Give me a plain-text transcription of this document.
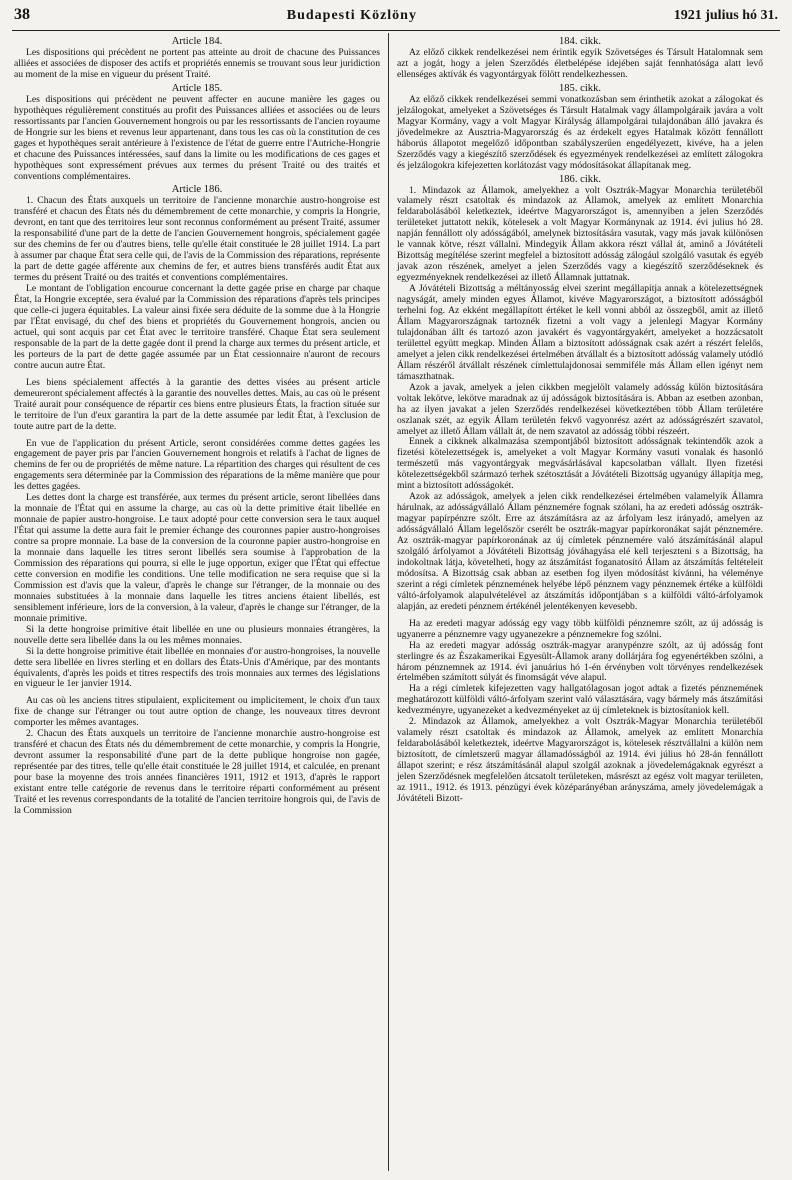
38	Budapesti Közlöny	1921 julius hó 31.
Article 184.

Les dispositions qui précèdent ne portent pas atteinte au droit de chacune des Puissances alliées et associées de disposer des actifs et propriétés ennemis se trouvant sous leur juridiction au moment de la mise en vigueur du présent Traité.

Article 185.

Les dispositions qui précèdent ne peuvent affecter en aucune manière les gages ou hypothèques régulièrement constitués au profit des Puissances alliées et associées ou de leurs ressortissants par l'ancien Gouvernement hongrois ou par les ressortissants de l'ancien royaume de Hongrie sur les biens et revenus leur appartenant, dans tous les cas où la constitution de ces gages et hypothèques serait antérieure à l'existence de l'état de guerre entre l'Autriche-Hongrie et chacune des Puissances intéressées, sauf dans la limite ou les modifications de ces gages et hypothèques sont expressément prévues aux termes du présent Traité ou des traités et conventions complémentaires.

Article 186.

1. Chacun des États auxquels un territoire de l'ancienne monarchie austro-hongroise est transféré et chacun des États nés du démembrement de cette monarchie, y compris la Hongrie, devront, en tant que des territoires leur sont reconnus conformément au présent Traité, assumer la responsabilité d'une part de la dette de l'ancien Gouvernement hongrois, spécialement gagée sur des chemins de fer ou d'autres biens, telle qu'elle était constituée le 28 juillet 1914. La part à assumer par chaque État sera celle qui, de l'avis de la Commission des réparations, représente la part de dette gagée afférente aux chemins de fer, et autres biens transférés audit État aux termes du présent Traité ou des traités et conventions complémentaires.

Le montant de l'obligation encourue concernant la dette gagée prise en charge par chaque État, la Hongrie exceptée, sera évalué par la Commission des réparations d'après tels principes que celle-ci jugera équitables. La valeur ainsi fixée sera déduite de la somme due à la Hongrie par l'État envisagé, du chef des biens et propriétés du Gouvernement hongrois, ancien ou actuel, qui sont acquis par cet État avec le territoire transféré. Chaque État sera seulement responsable de la part de la dette gagée dont il prend la charge aux termes du présent article, et les porteurs de la part de dette gagée assumée par un État cessionnaire n'auront de recours contre aucun autre État.

Les biens spécialement affectés à la garantie des dettes visées au présent article demeureront spécialement affectés à la garantie des nouvelles dettes. Mais, au cas où le présent Traité aurait pour conséquence de répartir ces biens entre plusieurs États, la fraction située sur le territoire de l'un d'eux garantira la part de la dette assumée par ledit État, à l'exclusion de toute autre part de la dette.

En vue de l'application du présent Article, seront considérées comme dettes gagées les engagement de payer pris par l'ancien Gouvernement hongrois et relatifs à l'achat de lignes de chemins de fer ou de propriétés de même nature. La répartition des charges qui résultent de ces engagements sera déterminée par la Commission des réparations de la même manière que pour les dettes gagées.

Les dettes dont la charge est transférée, aux termes du présent article, seront libellées dans la monnaie de l'État qui en assume la charge, au cas où la dette primitive était libellée en monnaie de papier austro-hongroise. Le taux adopté pour cette conversion sera le taux auquel l'État qui assume la dette aura fait le premier échange des couronnes papier austro-hongroises contre sa propre monnaie. La base de la conversion de la couronne papier austro-hongroise en la monnaie dans laquelle les titres seront libellés sera soumise à l'approbation de la Commission des réparations qui pourra, si elle le juge opportun, exiger que l'État qui effectue cette conversion en modifie les conditions. Une telle modification ne sera requise que si la Commission est d'avis que la valeur, d'après le change sur l'étranger, de la monnaie ou des monnaies substituées à la monnaie dans laquelle les titres anciens étaient libellés, est sensiblement inférieure, lors de la conversion, à la valeur, d'après le change sur l'étranger, de la monnaie primitive.

Si la dette hongroise primitive était libellée en une ou plusieurs monnaies étrangères, la nouvelle dette sera libellée dans la ou les mêmes monnaies.

Si la dette hongroise primitive était libellée en monnaies d'or austro-hongroises, la nouvelle dette sera libellée en livres sterling et en dollars des États-Unis d'Amérique, par des montants équivalents, d'après les poids et titres respectifs des trois monnaies aux termes des législations en vigueur le 1er janvier 1914.

Au cas où les anciens titres stipulaient, explicitement ou implicitement, le choix d'un taux fixe de change sur l'étranger ou tout autre option de change, les nouveaux titres devront comporter les mêmes avantages.

2. Chacun des États auxquels un territoire de l'ancienne monarchie austro-hongroise est transféré et chacun des États nés du démembrement de cette monarchie, y compris la Hongrie, devront assumer la responsabilité d'une part de la dette publique hongroise non gagée, représentée par des titres, telle qu'elle était constituée le 28 juillet 1914, et calculée, en prenant pour base la moyenne des trois années financières 1911, 1912 et 1913, d'après le rapport existant entre telle catégorie de revenus dans le territoire réparti conformément au présent Traité et les revenus correspondants de la totalité de l'ancien territoire hongrois qui, de l'avis de la Commission

184. cikk.

Az előző cikkek rendelkezései nem érintik egyik Szövetséges és Társult Hatalomnak sem azt a jogát, hogy a jelen Szerződés életbelépése idejében saját fennhatósága alatt levő ellenséges aktívák és vagyontárgyak fölött rendelkezhessen.

185. cikk.

Az előző cikkek rendelkezései semmi vonatkozásban sem érinthetik azokat a zálogokat és jelzálogokat, amelyeket a Szövetséges és Társult Hatalmak vagy állampolgáraik javára a volt Magyar Kormány, vagy a volt Magyar Királyság állampolgárai tulajdonában álló javakra és jövedelmekre az Ausztria-Magyarország és az érdekelt egyes Hatalmak között fennállott háborús állapotot megelőző időpontban szabályszerűen engedélyezett, kivéve, ha a jelen Szerződés vagy a kiegészítő szerződések és egyezmények rendelkezései az említett zálogokra és jelzálogokra kifejezetten korlátozást vagy módosításokat állapítanak meg.

186. cikk.

1. Mindazok az Államok, amelyekhez a volt Osztrák-Magyar Monarchia területéből valamely részt csatoltak és mindazok az Államok, amelyek az említett Monarchia feldarabolásából keletkeztek, ideértve Magyarországot is, amennyiben a jelen Szerződés területeket juttatott nekik, kötelesek a volt Magyar Kormánynak az 1914. évi julius hó 28. napján fennállott oly adósságából, amelynek biztosítására vasutak, vagy más javak különösen le vannak kötve, részt vállalni. Mindegyik Állam akkora részt vállal át, aminő a Jóvátételi Bizottság megítélése szerint megfelel a biztosított adósság zálogául szolgáló vasutak és egyéb javak azon részének, amelyet a jelen Szerződés vagy a kiegészítő szerződéseknek és egyezményeknek rendelkezései az illető Államnak juttatnak.

A Jóvátételi Bizottság a méltányosság elvei szerint megállapítja annak a kötelezettségnek nagyságát, amely minden egyes Államot, kivéve Magyarországot, a biztosított adósságból terhelni fog. Az ekként megállapított értéket le kell vonni abból az összegből, amit az illető Állam Magyarországnak tartoznék fizetni a volt vagy a jelenlegi Magyar Kormány tulajdonában állt és tartozó azon javakért és vagyontárgyakért, amelyeket a hozzácsatolt területtel együtt megkap. Minden Állam a biztosított adósságnak csak azért a részért felelős, amelyet a jelen cikk rendelkezései értelmében átvállalt és a biztosított adósság valamely utódló Állam részéről átvállalt részének címlettulajdonosai semmiféle más Állam ellen igényt nem támaszthatnak.

Azok a javak, amelyek a jelen cikkben megjelölt valamely adósság külön biztosítására voltak lekötve, lekötve maradnak az új adósságok biztosítására is. Abban az esetben azonban, ha az ilyen javakat a jelen Szerződés rendelkezései következtében több Állam területére oszlanak szét, az egyik Állam területén fekvő vagyonrész azért az adósságrészért szavatol, amelyet az illető Állam vállalt át, de nem szavatol az adósság többi részeért.

Ennek a cikknek alkalmazása szempontjából biztosított adósságnak tekintendők azok a fizetési kötelezettségek is, amelyeket a volt Magyar Kormány vasuti vonalak és hasonló természetű más vagyontárgyak megvásárlásával kapcsolatban vállalt. Ilyen fizetési kötelezettségekből származó terhek szétosztását a Jóvátételi Bizottság ugyanúgy állapítja meg, mint a biztosított adósságokét.

Azok az adósságok, amelyek a jelen cikk rendelkezései értelmében valamelyik Államra hárulnak, az adósságvállaló Állam pénznemére fognak szólani, ha az eredeti adósság osztrák-magyar papírpénzre szólt. Erre az átszámításra az az árfolyam lesz irányadó, amelyen az adósságvállaló Állam legelőször cserélt be osztrák-magyar papírkoronákat saját pénznemére. Az osztrák-magyar papírkoronának az új címletek pénznemére való átszámításánál alapul szolgáló árfolyamot a Jóvátételi Bizottság jóváhagyása elé kell terjeszteni s a Bizottság, ha indokoltnak látja, követelheti, hogy az átszámítást foganatosító Állam az átszámítás feltételeit módosítsa. A Bizottság csak abban az esetben fog ilyen módosítást kívánni, ha véleménye szerint a régi címletek pénznemének helyébe lépő pénznem vagy pénznemek értéke a külföldi váltó-árfolyamok alapulvételével az átszámítás időpontjában s a külföldi váltó-árfolyamok alapján, az eredeti pénznem értékénél jelentékenyen kevesebb.

Ha az eredeti magyar adósság egy vagy több külföldi pénznemre szólt, az új adósság is ugyanerre a pénznemre vagy ugyanezekre a pénznemekre fog szólni.

Ha az eredeti magyar adósság osztrák-magyar aranypénzre szólt, az új adósság font sterlingre és az Északamerikai Egyesült-Államok arany dollárjára fog egyenértékben szólni, a három pénznemnek az 1914. évi januárius hó 1-én érvényben volt törvényes rendelkezések értelmében számított súlyát és finomságát véve alapul.

Ha a régi címletek kifejezetten vagy hallgatólagosan jogot adtak a fizetés pénznemének meghatározott külföldi váltó-árfolyam szerint való választására, vagy bármely más átszámítási kedvezményre, ugyanezeket a kedvezményeket az új címleteknek is biztosítaniok kell.

2. Mindazok az Államok, amelyekhez a volt Osztrák-Magyar Monarchia területéből valamely részt csatoltak és mindazok az Államok, amelyek az említett Monarchia feldarabolásából keletkeztek, ideértve Magyarországot is, kötelesek résztvállalni a külön nem biztosított, de címletszerű magyar államadósságból az 1914. évi július hó 28-án fennállott állapot szerint; e rész átszámításánál alapul szolgál azoknak a jövedelemágaknak egyrészt a jelen Szerződésnek megfelelően átcsatolt területeken, másrészt az egész volt magyar területen, az 1911., 1912. és 1913. pénzügyi évek középarányéban arányszáma, amely jövedelemágak a Jóvátételi Bizott-
